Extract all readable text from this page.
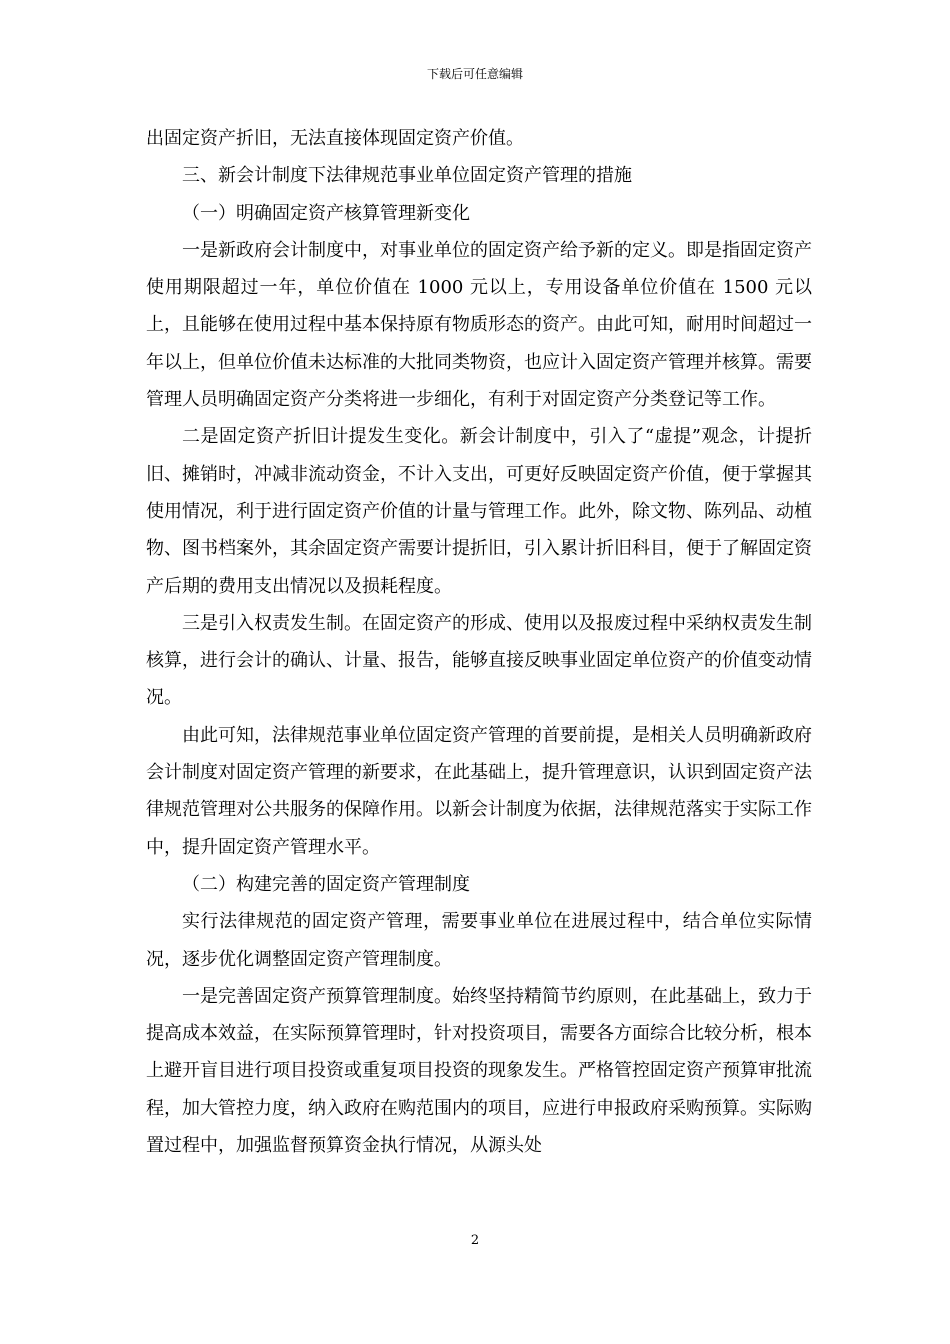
下载后可任意编辑

出固定资产折旧，无法直接体现固定资产价值。

三、新会计制度下法律规范事业单位固定资产管理的措施

（一）明确固定资产核算管理新变化

一是新政府会计制度中，对事业单位的固定资产给予新的定义。即是指固定资产使用期限超过一年，单位价值在 1000 元以上，专用设备单位价值在 1500 元以上，且能够在使用过程中基本保持原有物质形态的资产。由此可知，耐用时间超过一年以上，但单位价值未达标准的大批同类物资，也应计入固定资产管理并核算。需要管理人员明确固定资产分类将进一步细化，有利于对固定资产分类登记等工作。

二是固定资产折旧计提发生变化。新会计制度中，引入了“虚提”观念，计提折旧、摊销时，冲减非流动资金，不计入支出，可更好反映固定资产价值，便于掌握其使用情况，利于进行固定资产价值的计量与管理工作。此外，除文物、陈列品、动植物、图书档案外，其余固定资产需要计提折旧，引入累计折旧科目，便于了解固定资产后期的费用支出情况以及损耗程度。

三是引入权责发生制。在固定资产的形成、使用以及报废过程中采纳权责发生制核算，进行会计的确认、计量、报告，能够直接反映事业固定单位资产的价值变动情况。

由此可知，法律规范事业单位固定资产管理的首要前提，是相关人员明确新政府会计制度对固定资产管理的新要求，在此基础上，提升管理意识，认识到固定资产法律规范管理对公共服务的保障作用。以新会计制度为依据，法律规范落实于实际工作中，提升固定资产管理水平。

（二）构建完善的固定资产管理制度

实行法律规范的固定资产管理，需要事业单位在进展过程中，结合单位实际情况，逐步优化调整固定资产管理制度。

一是完善固定资产预算管理制度。始终坚持精简节约原则，在此基础上，致力于提高成本效益，在实际预算管理时，针对投资项目，需要各方面综合比较分析，根本上避开盲目进行项目投资或重复项目投资的现象发生。严格管控固定资产预算审批流程，加大管控力度，纳入政府在购范围内的项目，应进行申报政府采购预算。实际购置过程中，加强监督预算资金执行情况，从源头处

2
